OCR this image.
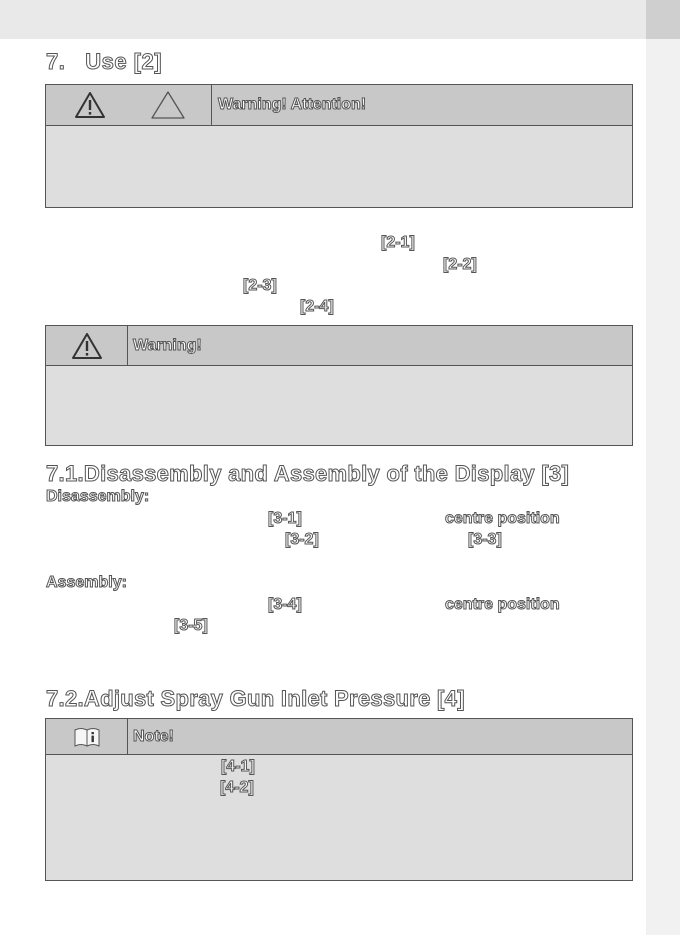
7. Use [2]
Warning! Attention!
[2-1]
[2-2]
[2-3]
[2-4]
Warning!
7.1.Disassembly and Assembly of the Display [3]
Disassembly:
[3-1]	centre position
[3-2]	[3-3]
Assembly:
[3-4]	centre position
[3-5]
7.2.Adjust Spray Gun Inlet Pressure [4]
Note!
[4-1]
[4-2]
